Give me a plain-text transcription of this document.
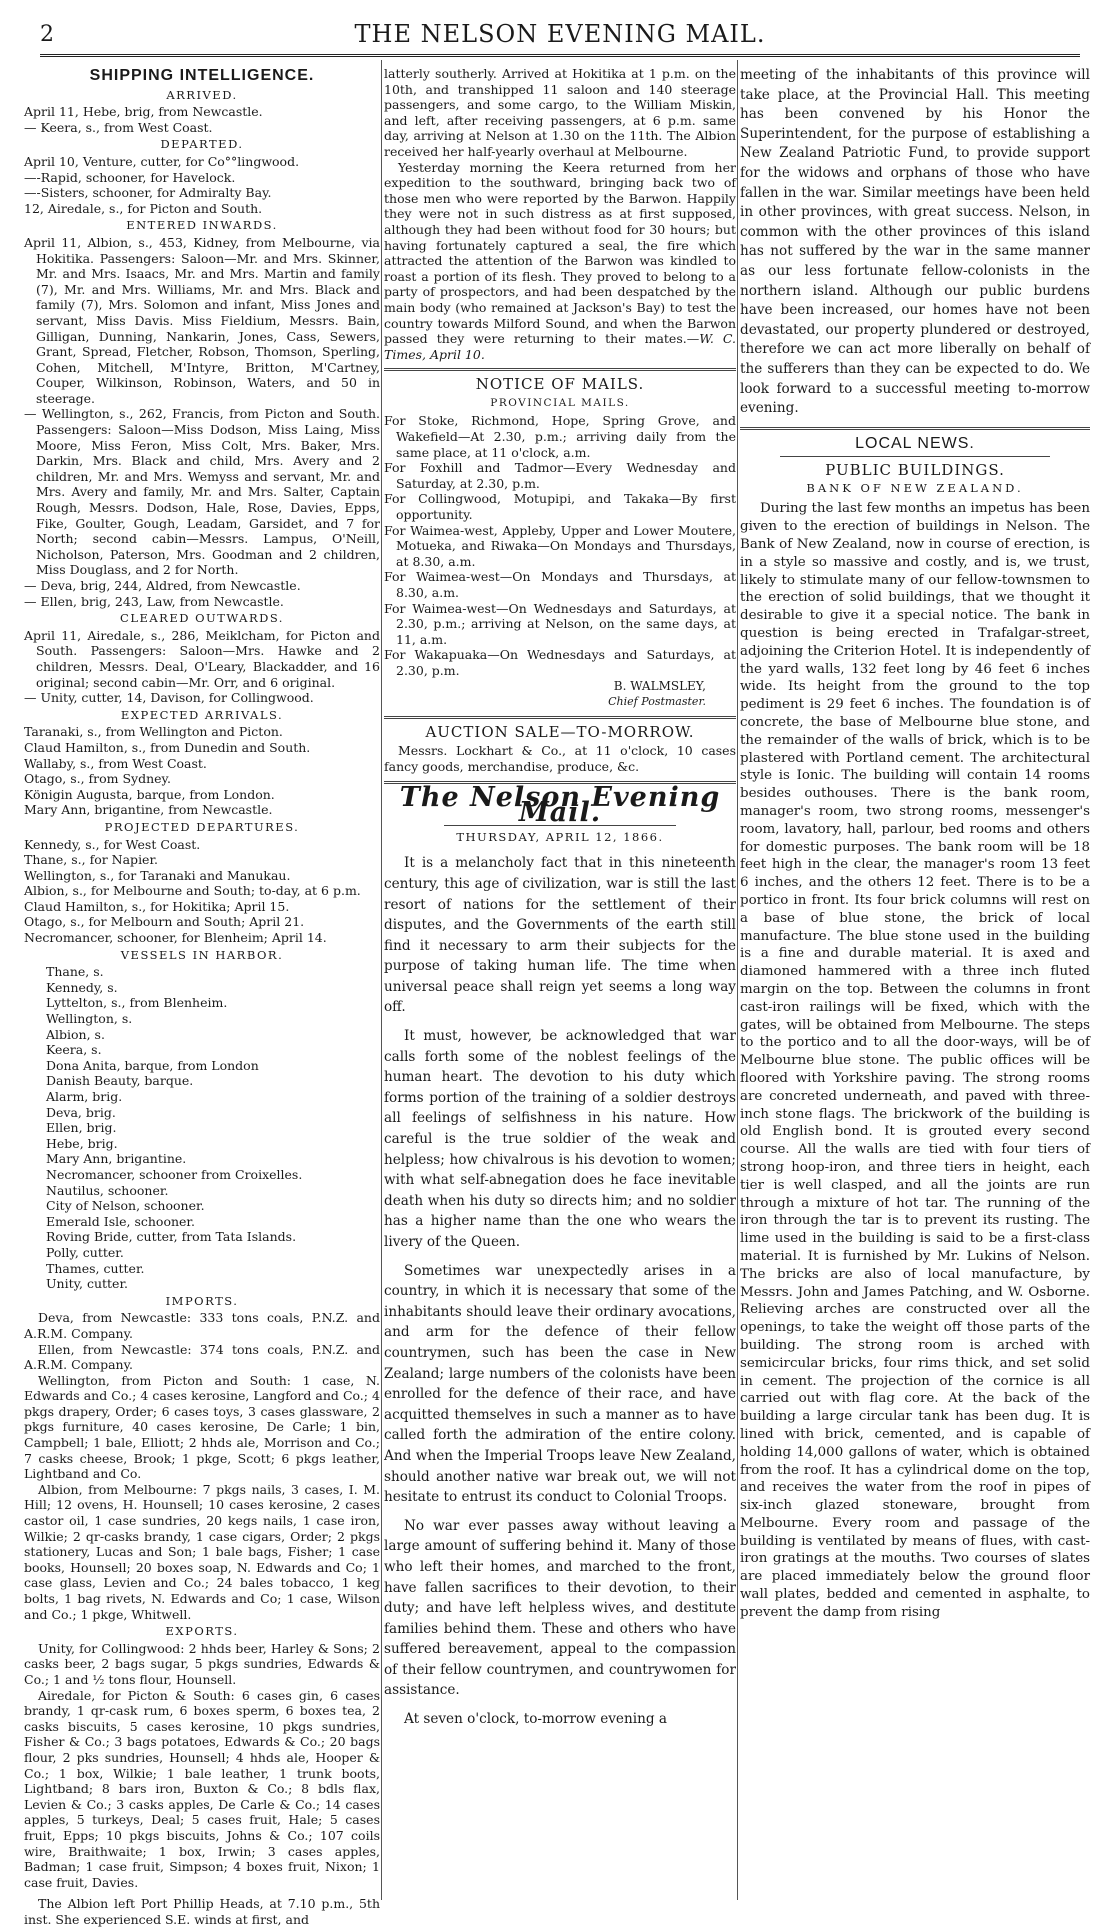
2	THE NELSON EVENING MAIL.
SHIPPING INTELLIGENCE.
ARRIVED.
April 11, Hebe, brig, from Newcastle.
— Keera, s., from West Coast.
DEPARTED.
April 10, Venture, cutter, for Co°°lingwood.
—-Rapid, schooner, for Havelock.
—-Sisters, schooner, for Admiralty Bay.
12, Airedale, s., for Picton and South.
ENTERED INWARDS.
April 11, Albion, s., 453, Kidney, from Melbourne, via Hokitika. Passengers: Saloon—Mr. and Mrs. Skinner, Mr. and Mrs. Isaacs, Mr. and Mrs. Martin and family (7), Mr. and Mrs. Williams, Mr. and Mrs. Black and family (7), Mrs. Solomon and infant, Miss Jones and servant, Miss Davis. Miss Fieldium, Messrs. Bain, Gilligan, Dunning, Nankarin, Jones, Cass, Sewers, Grant, Spread, Fletcher, Robson, Thomson, Sperling, Cohen, Mitchell, M'Intyre, Britton, M'Cartney, Couper, Wilkinson, Robinson, Waters, and 50 in steerage.
— Wellington, s., 262, Francis, from Picton and South. Passengers: Saloon—Miss Dodson, Miss Laing, Miss Moore, Miss Feron, Miss Colt, Mrs. Baker, Mrs. Darkin, Mrs. Black and child, Mrs. Avery and 2 children, Mr. and Mrs. Wemyss and servant, Mr. and Mrs. Avery and family, Mr. and Mrs. Salter, Captain Rough, Messrs. Dodson, Hale, Rose, Davies, Epps, Fike, Goulter, Gough, Leadam, Garsidet, and 7 for North; second cabin—Messrs. Lampus, O'Neill, Nicholson, Paterson, Mrs. Goodman and 2 children, Miss Douglass, and 2 for North.
— Deva, brig, 244, Aldred, from Newcastle.
— Ellen, brig, 243, Law, from Newcastle.
CLEARED OUTWARDS.
April 11, Airedale, s., 286, Meiklcham, for Picton and South. Passengers: Saloon—Mrs. Hawke and 2 children, Messrs. Deal, O'Leary, Blackadder, and 16 original; second cabin—Mr. Orr, and 6 original.
— Unity, cutter, 14, Davison, for Collingwood.
EXPECTED ARRIVALS.
Taranaki, s., from Wellington and Picton.
Claud Hamilton, s., from Dunedin and South.
Wallaby, s., from West Coast.
Otago, s., from Sydney.
Königin Augusta, barque, from London.
Mary Ann, brigantine, from Newcastle.
PROJECTED DEPARTURES.
Kennedy, s., for West Coast.
Thane, s., for Napier.
Wellington, s., for Taranaki and Manukau.
Albion, s., for Melbourne and South; to-day, at 6 p.m.
Claud Hamilton, s., for Hokitika; April 15.
Otago, s., for Melbourn and South; April 21.
Necromancer, schooner, for Blenheim; April 14.
VESSELS IN HARBOR.
Thane, s.
Kennedy, s.
Lyttelton, s., from Blenheim.
Wellington, s.
Albion, s.
Keera, s.
Dona Anita, barque, from London
Danish Beauty, barque.
Alarm, brig.
Deva, brig.
Ellen, brig.
Hebe, brig.
Mary Ann, brigantine.
Necromancer, schooner from Croixelles.
Nautilus, schooner.
City of Nelson, schooner.
Emerald Isle, schooner.
Roving Bride, cutter, from Tata Islands.
Polly, cutter.
Thames, cutter.
Unity, cutter.
IMPORTS.
Deva, from Newcastle: 333 tons coals, P.N.Z. and A.R.M. Company.
Ellen, from Newcastle: 374 tons coals, P.N.Z. and A.R.M. Company.
Wellington, from Picton and South: 1 case, N. Edwards and Co.; 4 cases kerosine, Langford and Co.; 4 pkgs drapery, Order; 6 cases toys, 3 cases glassware, 2 pkgs furniture, 40 cases kerosine, De Carle; 1 bin, Campbell; 1 bale, Elliott; 2 hhds ale, Morrison and Co.; 7 casks cheese, Brook; 1 pkge, Scott; 6 pkgs leather, Lightband and Co.
Albion, from Melbourne: 7 pkgs nails, 3 cases, I. M. Hill; 12 ovens, H. Hounsell; 10 cases kerosine, 2 cases castor oil, 1 case sundries, 20 kegs nails, 1 case iron, Wilkie; 2 qr-casks brandy, 1 case cigars, Order; 2 pkgs stationery, Lucas and Son; 1 bale bags, Fisher; 1 case books, Hounsell; 20 boxes soap, N. Edwards and Co; 1 case glass, Levien and Co.; 24 bales tobacco, 1 keg bolts, 1 bag rivets, N. Edwards and Co; 1 case, Wilson and Co.; 1 pkge, Whitwell.
EXPORTS.
Unity, for Collingwood: 2 hhds beer, Harley & Sons; 2 casks beer, 2 bags sugar, 5 pkgs sundries, Edwards & Co.; 1 and ½ tons flour, Hounsell.
Airedale, for Picton & South: 6 cases gin, 6 cases brandy, 1 qr-cask rum, 6 boxes sperm, 6 boxes tea, 2 casks biscuits, 5 cases kerosine, 10 pkgs sundries, Fisher & Co.; 3 bags potatoes, Edwards & Co.; 20 bags flour, 2 pks sundries, Hounsell; 4 hhds ale, Hooper & Co.; 1 box, Wilkie; 1 bale leather, 1 trunk boots, Lightband; 8 bars iron, Buxton & Co.; 8 bdls flax, Levien & Co.; 3 casks apples, De Carle & Co.; 14 cases apples, 5 turkeys, Deal; 5 cases fruit, Hale; 5 cases fruit, Epps; 10 pkgs biscuits, Johns & Co.; 107 coils wire, Braithwaite; 1 box, Irwin; 3 cases apples, Badman; 1 case fruit, Simpson; 4 boxes fruit, Nixon; 1 case fruit, Davies.
The Albion left Port Phillip Heads, at 7.10 p.m., 5th inst. She experienced S.E. winds at first, and
latterly southerly. Arrived at Hokitika at 1 p.m. on the 10th, and transhipped 11 saloon and 140 steerage passengers, and some cargo, to the William Miskin, and left, after receiving passengers, at 6 p.m. same day, arriving at Nelson at 1.30 on the 11th. The Albion received her half-yearly overhaul at Melbourne.
Yesterday morning the Keera returned from her expedition to the southward, bringing back two of those men who were reported by the Barwon. Happily they were not in such distress as at first supposed, although they had been without food for 30 hours; but having fortunately captured a seal, the fire which attracted the attention of the Barwon was kindled to roast a portion of its flesh. They proved to belong to a party of prospectors, and had been despatched by the main body (who remained at Jackson's Bay) to test the country towards Milford Sound, and when the Barwon passed they were returning to their mates.—W. C. Times, April 10.
NOTICE OF MAILS.
PROVINCIAL MAILS.
For Stoke, Richmond, Hope, Spring Grove, and Wakefield—At 2.30, p.m.; arriving daily from the same place, at 11 o'clock, a.m.
For Foxhill and Tadmor—Every Wednesday and Saturday, at 2.30, p.m.
For Collingwood, Motupipi, and Takaka—By first opportunity.
For Waimea-west, Appleby, Upper and Lower Moutere, Motueka, and Riwaka—On Mondays and Thursdays, at 8.30, a.m.
For Waimea-west—On Mondays and Thursdays, at 8.30, a.m.
For Waimea-west—On Wednesdays and Saturdays, at 2.30, p.m.; arriving at Nelson, on the same days, at 11, a.m.
For Wakapuaka—On Wednesdays and Saturdays, at 2.30, p.m.
B. WALMSLEY,
Chief Postmaster.
AUCTION SALE—TO-MORROW.
Messrs. Lockhart & Co., at 11 o'clock, 10 cases fancy goods, merchandise, produce, &c.
The Nelson Evening Mail.
THURSDAY, APRIL 12, 1866.

It is a melancholy fact that in this nineteenth century, this age of civilization, war is still the last resort of nations for the settlement of their disputes, and the Governments of the earth still find it necessary to arm their subjects for the purpose of taking human life. The time when universal peace shall reign yet seems a long way off.

It must, however, be acknowledged that war calls forth some of the noblest feelings of the human heart. The devotion to his duty which forms portion of the training of a soldier destroys all feelings of selfishness in his nature. How careful is the true soldier of the weak and helpless; how chivalrous is his devotion to women; with what self-abnegation does he face inevitable death when his duty so directs him; and no soldier has a higher name than the one who wears the livery of the Queen.

Sometimes war unexpectedly arises in a country, in which it is necessary that some of the inhabitants should leave their ordinary avocations, and arm for the defence of their fellow countrymen, such has been the case in New Zealand; large numbers of the colonists have been enrolled for the defence of their race, and have acquitted themselves in such a manner as to have called forth the admiration of the entire colony. And when the Imperial Troops leave New Zealand, should another native war break out, we will not hesitate to entrust its conduct to Colonial Troops.

No war ever passes away without leaving a large amount of suffering behind it. Many of those who left their homes, and marched to the front, have fallen sacrifices to their devotion, to their duty; and have left helpless wives, and destitute families behind them. These and others who have suffered bereavement, appeal to the compassion of their fellow countrymen, and countrywomen for assistance.

At seven o'clock, to-morrow evening a

meeting of the inhabitants of this province will take place, at the Provincial Hall. This meeting has been convened by his Honor the Superintendent, for the purpose of establishing a New Zealand Patriotic Fund, to provide support for the widows and orphans of those who have fallen in the war. Similar meetings have been held in other provinces, with great success. Nelson, in common with the other provinces of this island has not suffered by the war in the same manner as our less fortunate fellow-colonists in the northern island. Although our public burdens have been increased, our homes have not been devastated, our property plundered or destroyed, therefore we can act more liberally on behalf of the sufferers than they can be expected to do. We look forward to a successful meeting to-morrow evening.

LOCAL NEWS.
PUBLIC BUILDINGS.
BANK OF NEW ZEALAND.

During the last few months an impetus has been given to the erection of buildings in Nelson. The Bank of New Zealand, now in course of erection, is in a style so massive and costly, and is, we trust, likely to stimulate many of our fellow-townsmen to the erection of solid buildings, that we thought it desirable to give it a special notice. The bank in question is being erected in Trafalgar-street, adjoining the Criterion Hotel. It is independently of the yard walls, 132 feet long by 46 feet 6 inches wide. Its height from the ground to the top pediment is 29 feet 6 inches. The foundation is of concrete, the base of Melbourne blue stone, and the remainder of the walls of brick, which is to be plastered with Portland cement. The architectural style is Ionic. The building will contain 14 rooms besides outhouses. There is the bank room, manager's room, two strong rooms, messenger's room, lavatory, hall, parlour, bed rooms and others for domestic purposes. The bank room will be 18 feet high in the clear, the manager's room 13 feet 6 inches, and the others 12 feet. There is to be a portico in front. Its four brick columns will rest on a base of blue stone, the brick of local manufacture. The blue stone used in the building is a fine and durable material. It is axed and diamoned hammered with a three inch fluted margin on the top. Between the columns in front cast-iron railings will be fixed, which with the gates, will be obtained from Melbourne. The steps to the portico and to all the door-ways, will be of Melbourne blue stone. The public offices will be floored with Yorkshire paving. The strong rooms are concreted underneath, and paved with three-inch stone flags. The brickwork of the building is old English bond. It is grouted every second course. All the walls are tied with four tiers of strong hoop-iron, and three tiers in height, each tier is well clasped, and all the joints are run through a mixture of hot tar. The running of the iron through the tar is to prevent its rusting. The lime used in the building is said to be a first-class material. It is furnished by Mr. Lukins of Nelson. The bricks are also of local manufacture, by Messrs. John and James Patching, and W. Osborne. Relieving arches are constructed over all the openings, to take the weight off those parts of the building. The strong room is arched with semicircular bricks, four rims thick, and set solid in cement. The projection of the cornice is all carried out with flag core. At the back of the building a large circular tank has been dug. It is lined with brick, cemented, and is capable of holding 14,000 gallons of water, which is obtained from the roof. It has a cylindrical dome on the top, and receives the water from the roof in pipes of six-inch glazed stoneware, brought from Melbourne. Every room and passage of the building is ventilated by means of flues, with cast-iron gratings at the mouths. Two courses of slates are placed immediately below the ground floor wall plates, bedded and cemented in asphalte, to prevent the damp from rising
